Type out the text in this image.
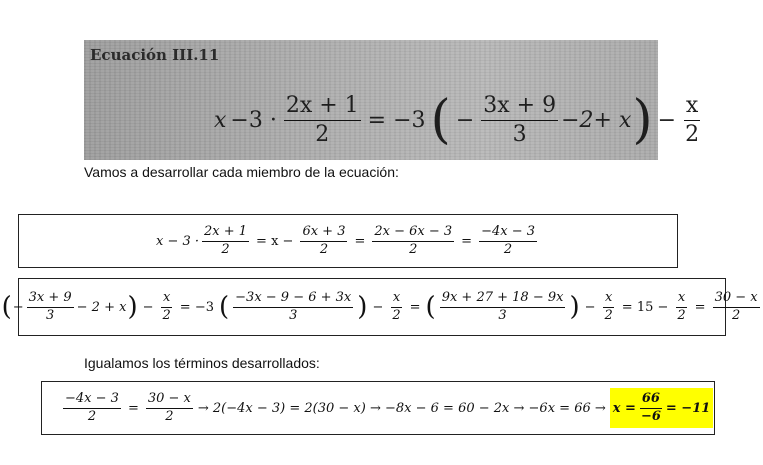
Ecuación III.11
$x -3 \cdot \frac{2x + 1}{2} = -3$ ( − $\frac{3x + 9}{3} -2+ x$ ) − $\frac{x}{2}$
Vamos a desarrollar cada miembro de la ecuación:
$x - 3 \cdot \frac{2x + 1}{2} = x - \frac{6x + 3}{2} = \frac{2x - 6x - 3}{2} = \frac{-4x - 3}{2}$
( − $\frac{3x + 9}{3} - 2 + x$ ) − $\frac{x}{2} = -3$ ( $\frac{-3x - 9 - 6 + 3x}{3}$ ) − $\frac{x}{2}$ = ( $\frac{9x + 27 + 18 - 9x}{3}$ ) − $\frac{x}{2} = 15 - \frac{x}{2} = \frac{30 - x}{2}$
Igualamos los términos desarrollados:
$\frac{-4x - 3}{2} = \frac{30 - x}{2} \to 2(-4x - 3) = 2(30 - x) \to -8x - 6 = 60 - 2x \to -6x = 66 \to x = \frac{66}{-6} = -11$
